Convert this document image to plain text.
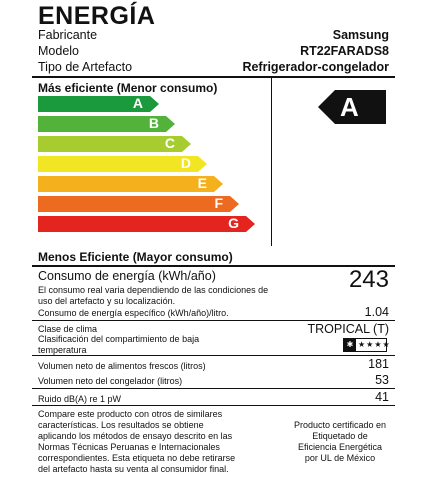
ENERGÍA
Fabricante	Samsung
Modelo	RT22FARADS8
Tipo de Artefacto	Refrigerador-congelador
Más eficiente (Menor consumo)
A
B
C
D
E
F
G
A
Menos Eficiente (Mayor consumo)
Consumo de energía (kWh/año)	243
El consumo real varia dependiendo de las condiciones de uso del artefacto y su localización.
Consumo de energía específico (kWh/año)/litro.	1.04
Clase de clima	TROPICAL (T)
Clasificación del compartimiento de baja temperatura
✱ ★★★★
Volumen neto de alimentos frescos (litros)	181
Volumen neto del congelador (litros)	53
Ruido dB(A) re 1 pW	41
Compare este producto con otros de similares características. Los resultados se obtiene aplicando los métodos de ensayo descrito en las Normas Técnicas Peruanas e Internacionales correspondientes. Esta etiqueta no debe retirarse del artefacto hasta su venta al consumidor final.
Producto certificado en Etiquetado de Eficiencia Energética por UL de México
